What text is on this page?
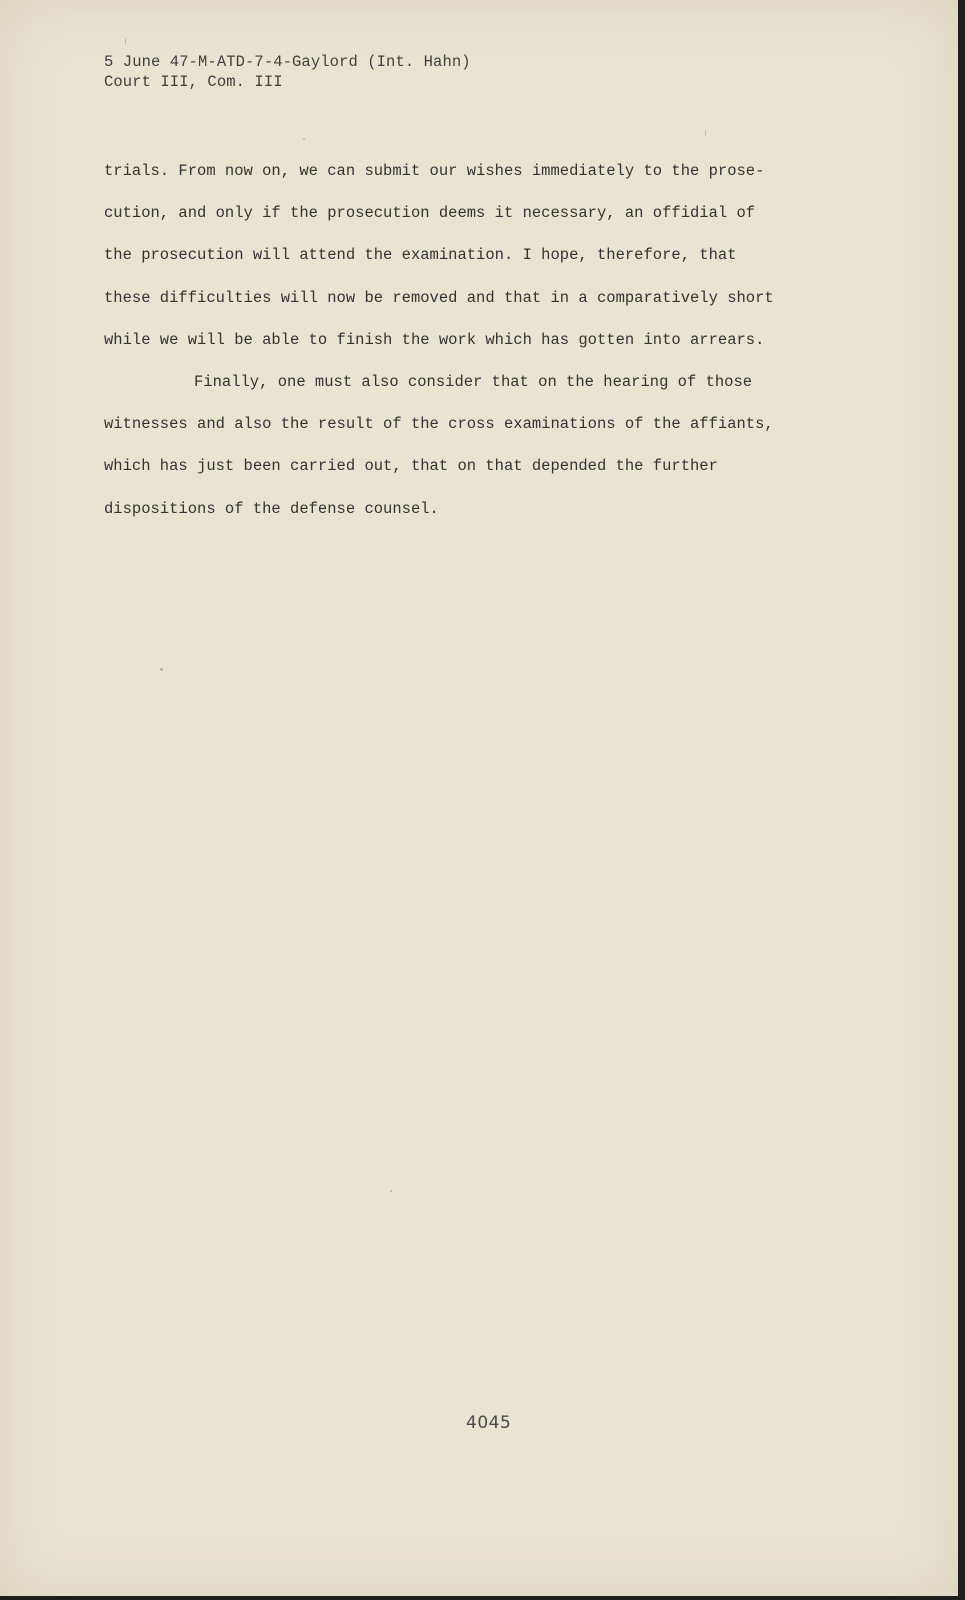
5 June 47-M-ATD-7-4-Gaylord (Int. Hahn)
Court III, Com. III
trials. From now on, we can submit our wishes immediately to the prose-
cution, and only if the prosecution deems it necessary, an offidial of
the prosecution will attend the examination. I hope, therefore, that
these difficulties will now be removed and that in a comparatively short
while we will be able to finish the work which has gotten into arrears.
Finally, one must also consider that on the hearing of those
witnesses and also the result of the cross examinations of the affiants,
which has just been carried out, that on that depended the further
dispositions of the defense counsel.
4045
